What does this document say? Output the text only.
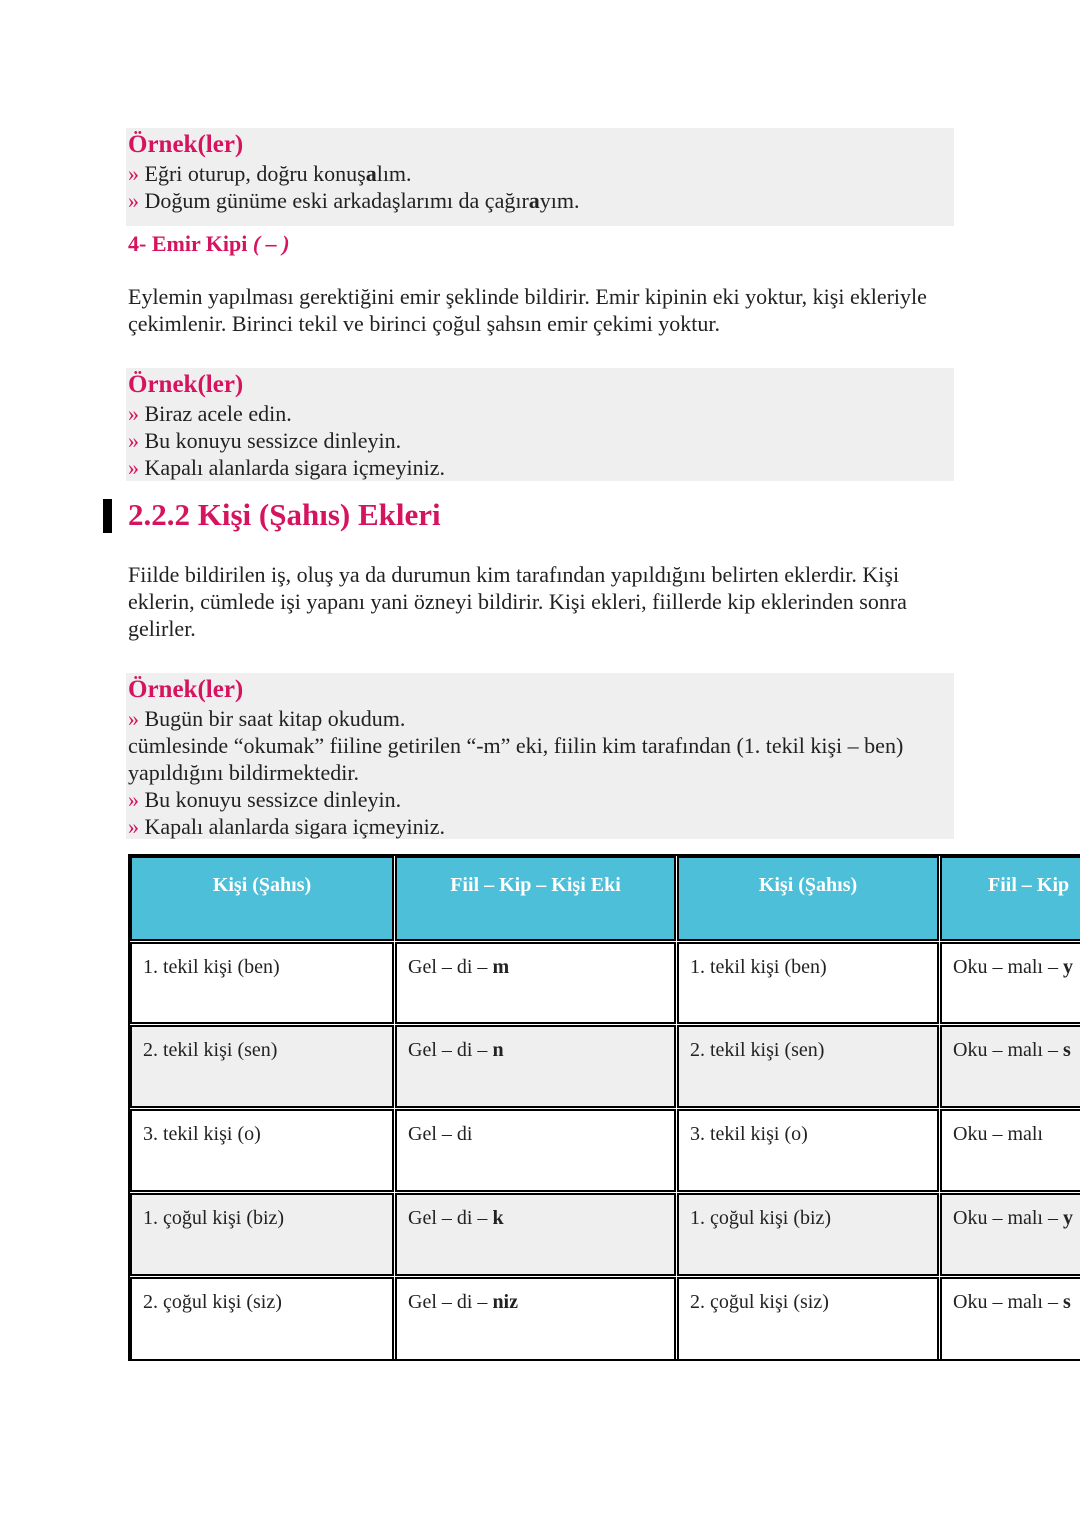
Örnek(ler)
» Eğri oturup, doğru konuşalım.
» Doğum günüme eski arkadaşlarımı da çağırayım.
4- Emir Kipi ( – )
Eylemin yapılması gerektiğini emir şeklinde bildirir. Emir kipinin eki yoktur, kişi ekleriyle çekimlenir. Birinci tekil ve birinci çoğul şahsın emir çekimi yoktur.
Örnek(ler)
» Biraz acele edin.
» Bu konuyu sessizce dinleyin.
» Kapalı alanlarda sigara içmeyiniz.
2.2.2 Kişi (Şahıs) Ekleri
Fiilde bildirilen iş, oluş ya da durumun kim tarafından yapıldığını belirten eklerdir. Kişi eklerin, cümlede işi yapanı yani özneyi bildirir. Kişi ekleri, fiillerde kip eklerinden sonra gelirler.
Örnek(ler)
» Bugün bir saat kitap okudum.
cümlesinde “okumak” fiiline getirilen “-m” eki, fiilin kim tarafından (1. tekil kişi – ben) yapıldığını bildirmektedir.
» Bu konuyu sessizce dinleyin.
» Kapalı alanlarda sigara içmeyiniz.
Kişi (Şahıs)	Fiil – Kip – Kişi Eki	Kişi (Şahıs)	Fiil – Kip
1. tekil kişi (ben)	Gel – di – m	1. tekil kişi (ben)	Oku – malı – y
2. tekil kişi (sen)	Gel – di – n	2. tekil kişi (sen)	Oku – malı – s
3. tekil kişi (o)	Gel – di	3. tekil kişi (o)	Oku – malı
1. çoğul kişi (biz)	Gel – di – k	1. çoğul kişi (biz)	Oku – malı – y
2. çoğul kişi (siz)	Gel – di – niz	2. çoğul kişi (siz)	Oku – malı – s
